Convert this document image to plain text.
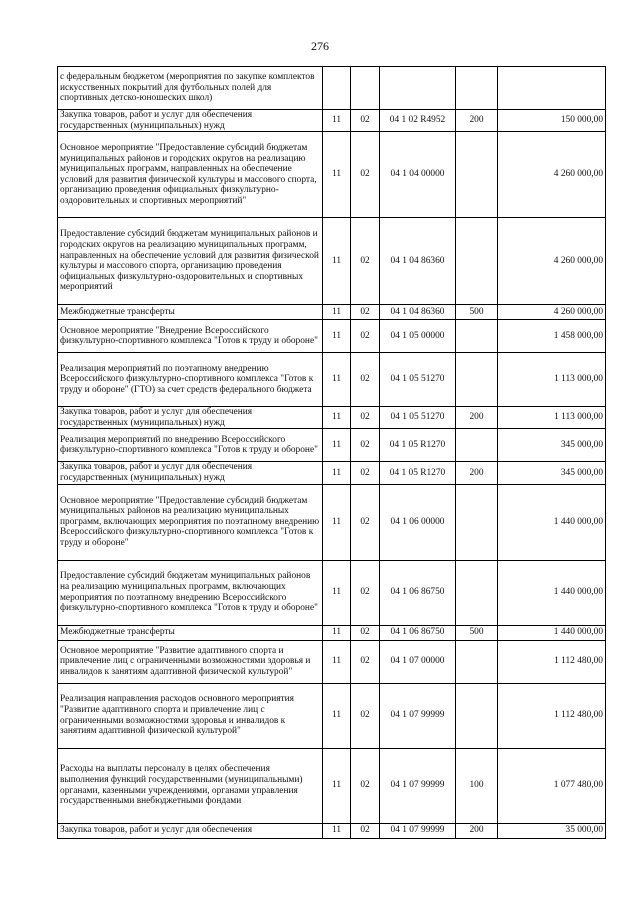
276
с федеральным бюджетом (мероприятия по закупке комплектов искусственных покрытий для футбольных полей для спортивных детско-юношеских школ)					
Закупка товаров, работ и услуг для обеспечения государственных (муниципальных) нужд	11	02	04 1 02 R4952	200	150 000,00
Основное мероприятие "Предоставление субсидий бюджетам муниципальных районов и городских округов на реализацию муниципальных программ, направленных на обеспечение условий для развития физической культуры и массового спорта, организацию проведения официальных физкультурно-оздоровительных и спортивных мероприятий"	11	02	04 1 04 00000		4 260 000,00
Предоставление субсидий бюджетам муниципальных районов и городских округов на реализацию муниципальных программ, направленных на обеспечение условий для развития физической культуры и массового спорта, организацию проведения официальных физкультурно-оздоровительных и спортивных мероприятий	11	02	04 1 04 86360		4 260 000,00
Межбюджетные трансферты	11	02	04 1 04 86360	500	4 260 000,00
Основное мероприятие "Внедрение Всероссийского физкультурно-спортивного комплекса "Готов к труду и обороне"	11	02	04 1 05 00000		1 458 000,00
Реализация мероприятий по поэтапному внедрению Всероссийского физкультурно-спортивного комплекса "Готов к труду и обороне" (ГТО) за счет средств федерального бюджета	11	02	04 1 05 51270		1 113 000,00
Закупка товаров, работ и услуг для обеспечения государственных (муниципальных) нужд	11	02	04 1 05 51270	200	1 113 000,00
Реализация мероприятий по внедрению Всероссийского физкультурно-спортивного комплекса "Готов к труду и обороне"	11	02	04 1 05 R1270		345 000,00
Закупка товаров, работ и услуг для обеспечения государственных (муниципальных) нужд	11	02	04 1 05 R1270	200	345 000,00
Основное мероприятие "Предоставление субсидий бюджетам муниципальных районов на реализацию муниципальных программ, включающих мероприятия по поэтапному внедрению Всероссийского физкультурно-спортивного комплекса "Готов к труду и обороне"	11	02	04 1 06 00000		1 440 000,00
Предоставление субсидий бюджетам муниципальных районов на реализацию муниципальных программ, включающих мероприятия по поэтапному внедрению Всероссийского физкультурно-спортивного комплекса "Готов к труду и обороне"	11	02	04 1 06 86750		1 440 000,00
Межбюджетные трансферты	11	02	04 1 06 86750	500	1 440 000,00
Основное мероприятие "Развитие адаптивного спорта и привлечение лиц с ограниченными возможностями здоровья и инвалидов к занятиям адаптивной физической культурой"	11	02	04 1 07 00000		1 112 480,00
Реализация направления расходов основного мероприятия "Развитие адаптивного спорта и привлечение лиц с ограниченными возможностями здоровья и инвалидов к занятиям адаптивной физической культурой"	11	02	04 1 07 99999		1 112 480,00
Расходы на выплаты персоналу в целях обеспечения выполнения функций государственными (муниципальными) органами, казенными учреждениями, органами управления государственными внебюджетными фондами	11	02	04 1 07 99999	100	1 077 480,00
Закупка товаров, работ и услуг для обеспечения	11	02	04 1 07 99999	200	35 000,00
